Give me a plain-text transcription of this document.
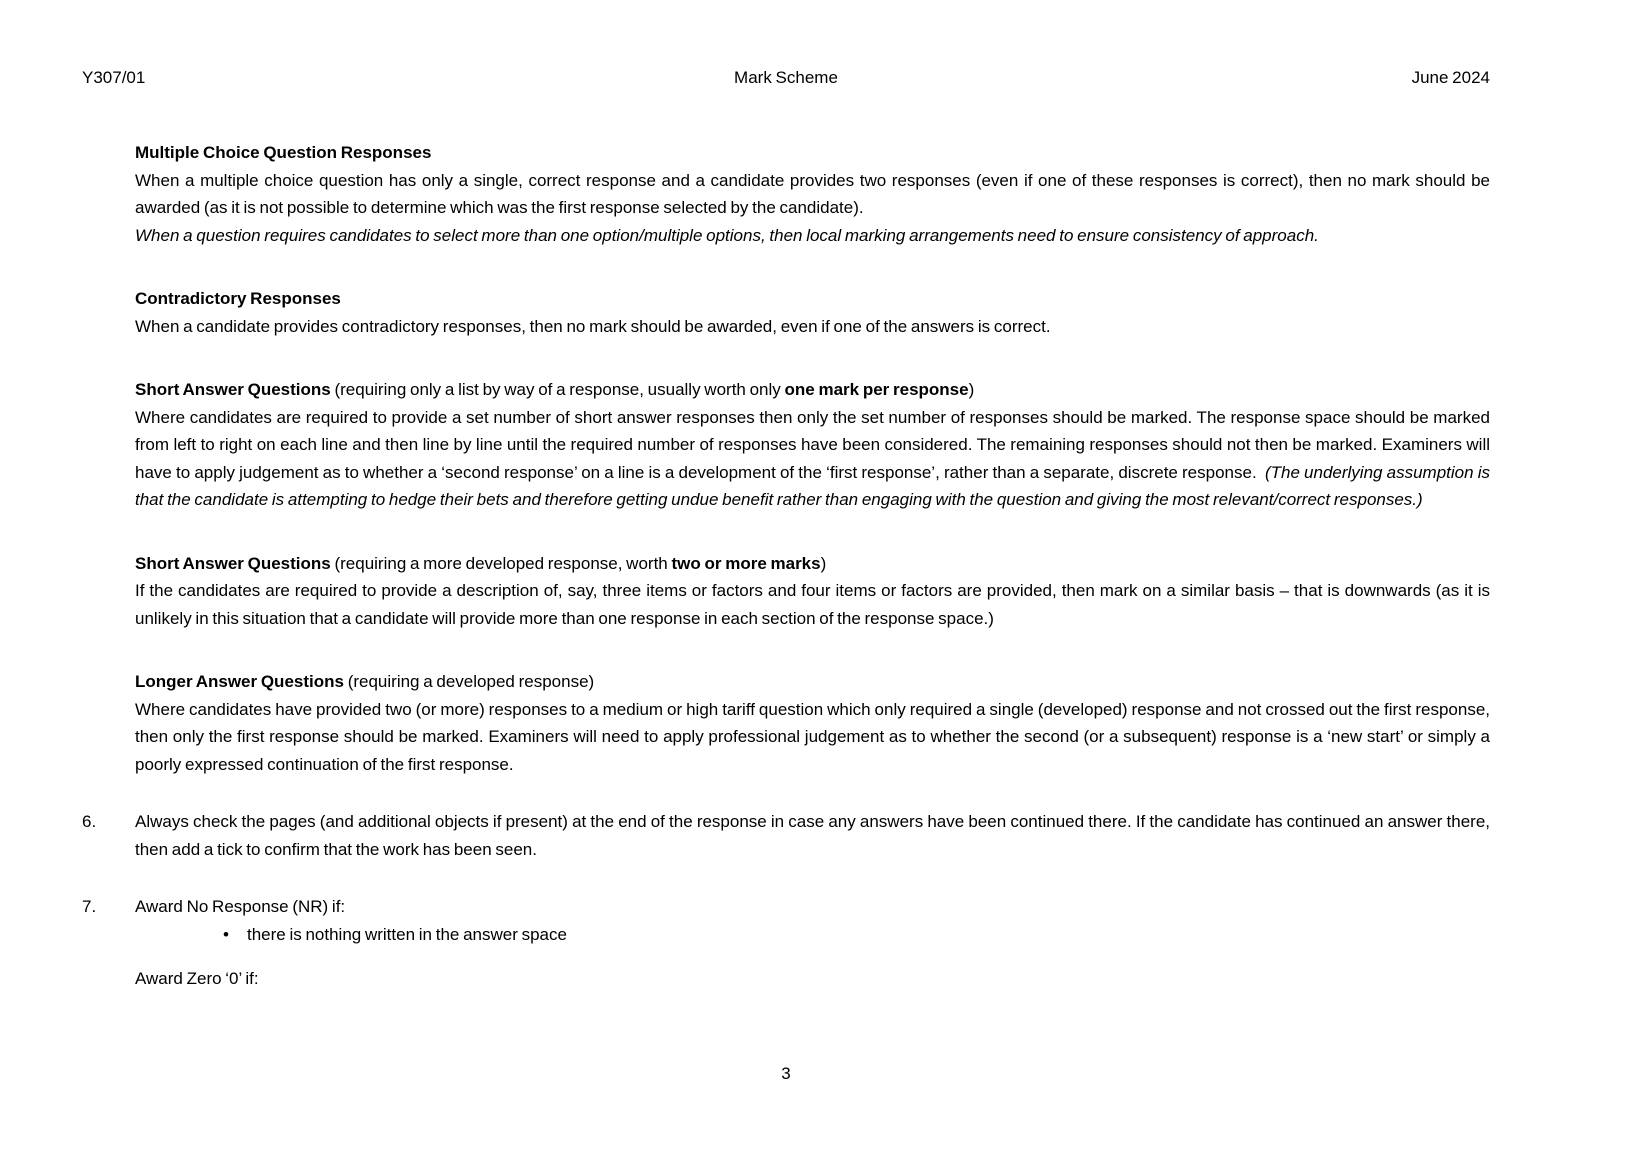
Y307/01	Mark Scheme	June 2024
Multiple Choice Question Responses

When a multiple choice question has only a single, correct response and a candidate provides two responses (even if one of these responses is correct), then no mark should be awarded (as it is not possible to determine which was the first response selected by the candidate).

When a question requires candidates to select more than one option/multiple options, then local marking arrangements need to ensure consistency of approach.

Contradictory Responses

When a candidate provides contradictory responses, then no mark should be awarded, even if one of the answers is correct.

Short Answer Questions (requiring only a list by way of a response, usually worth only one mark per response)

Where candidates are required to provide a set number of short answer responses then only the set number of responses should be marked. The response space should be marked from left to right on each line and then line by line until the required number of responses have been considered. The remaining responses should not then be marked. Examiners will have to apply judgement as to whether a ‘second response’ on a line is a development of the ‘first response’, rather than a separate, discrete response.  (The underlying assumption is that the candidate is attempting to hedge their bets and therefore getting undue benefit rather than engaging with the question and giving the most relevant/correct responses.)

Short Answer Questions (requiring a more developed response, worth two or more marks)

If the candidates are required to provide a description of, say, three items or factors and four items or factors are provided, then mark on a similar basis – that is downwards (as it is unlikely in this situation that a candidate will provide more than one response in each section of the response space.)

Longer Answer Questions (requiring a developed response)

Where candidates have provided two (or more) responses to a medium or high tariff question which only required a single (developed) response and not crossed out the first response, then only the first response should be marked. Examiners will need to apply professional judgement as to whether the second (or a subsequent) response is a ‘new start’ or simply a poorly expressed continuation of the first response.

6.	Always check the pages (and additional objects if present) at the end of the response in case any answers have been continued there. If the candidate has continued an answer there, then add a tick to confirm that the work has been seen.

7.	Award No Response (NR) if:

• there is nothing written in the answer space
Award Zero ‘0’ if:
3
